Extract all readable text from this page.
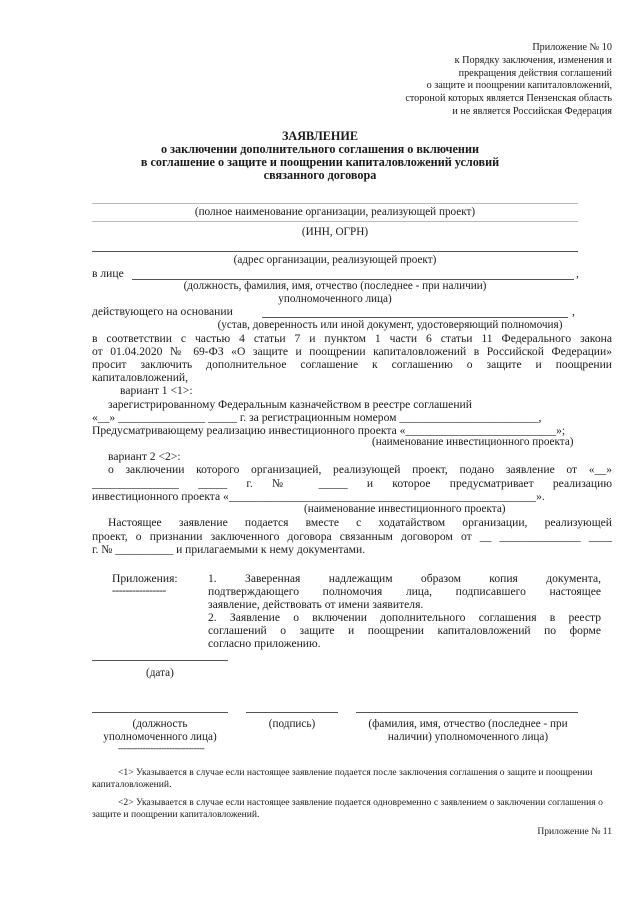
Приложение № 10
к Порядку заключения, изменения и
прекращения действия соглашений
о защите и поощрении капиталовложений,
стороной которых является Пензенская область
и не является Российская Федерация
ЗАЯВЛЕНИЕ
о заключении дополнительного соглашения о включении
в соглашение о защите и поощрении капиталовложений условий
связанного договора
(полное наименование организации, реализующей проект)
(ИНН, ОГРН)
(адрес организации, реализующей проект)
в лице	,
(должность, фамилия, имя, отчество (последнее - при наличии)
уполномоченного лица)
действующего на основании	,
(устав, доверенность или иной документ, удостоверяющий полномочия)
в соответствии с частью 4 статьи 7 и пунктом 1 части 6 статьи 11 Федерального закона
от 01.04.2020 № 69-ФЗ «О защите и поощрении капиталовложений в Российской Федерации»
просит заключить дополнительное соглашение к соглашению о защите и поощрении
капиталовложений,
вариант 1 <1>:
зарегистрированному Федеральным казначейством в реестре соглашений
«__» _______________ _____ г. за регистрационным номером ________________________,
Предусматривающему реализацию инвестиционного проекта «__________________________»;
(наименование инвестиционного проекта)
вариант 2 <2>:
о заключении которого организацией, реализующей проект, подано заявление от «__»
_______________ _____ г. № _____ и которое предусматривает реализацию
инвестиционного проекта «_____________________________________________________».
(наименование инвестиционного проекта)
Настоящее заявление подается вместе с ходатайством организации, реализующей
проект, о признании заключенного договора связанным договором от __ ______________ ____
г. № __________ и прилагаемыми к нему документами.
Приложения:
----------------
1. Заверенная надлежащим образом копия документа,
подтверждающего полномочия лица, подписавшего настоящее
заявление, действовать от имени заявителя.
2. Заявление о включении дополнительного соглашения в реестр
соглашений о защите и поощрении капиталовложений по форме
согласно приложению.
(дата)
(должность
уполномоченного лица)
(подпись)	(фамилия, имя, отчество (последнее - при
наличии) уполномоченного лица)
--------------------------------
<1> Указывается в случае если настоящее заявление подается после заключения соглашения о защите и поощрении капиталовложений.
<2> Указывается в случае если настоящее заявление подается одновременно с заявлением о заключении соглашения о защите и поощрении капиталовложений.
Приложение № 11
